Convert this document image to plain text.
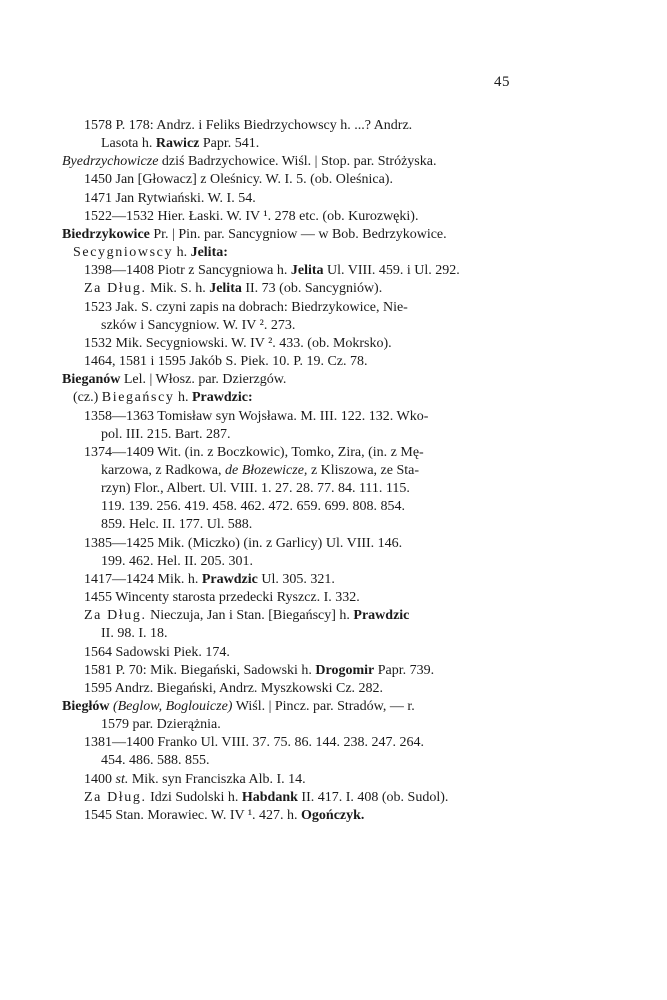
45
1578 P. 178: Andrz. i Feliks Biedrzychowscy h. ...? Andrz.
Lasota h. Rawicz Papr. 541.
Byedrzychowicze dziś Badrzychowice. Wiśl. | Stop. par. Stróżyska.
1450 Jan [Głowacz] z Oleśnicy. W. I. 5. (ob. Oleśnica).
1471 Jan Rytwiański. W. I. 54.
1522—1532 Hier. Łaski. W. IV ¹. 278 etc. (ob. Kurozwęki).
Biedrzykowice Pr. | Pin. par. Sancygniow — w Bob. Bedrzykowice.
Secygniowscy h. Jelita:
1398—1408 Piotr z Sancygniowa h. Jelita Ul. VIII. 459. i Ul. 292.
Za Dług. Mik. S. h. Jelita II. 73 (ob. Sancygniów).
1523 Jak. S. czyni zapis na dobrach: Biedrzykowice, Nie-
szków i Sancygniow. W. IV ². 273.
1532 Mik. Secygniowski. W. IV ². 433. (ob. Mokrsko).
1464, 1581 i 1595 Jakób S. Piek. 10. P. 19. Cz. 78.
Bieganów Lel. | Włosz. par. Dzierzgów.
(cz.) Biegańscy h. Prawdzic:
1358—1363 Tomisław syn Wojsława. M. III. 122. 132. Wko-
pol. III. 215. Bart. 287.
1374—1409 Wit. (in. z Boczkowic), Tomko, Zira, (in. z Mę-
karzowa, z Radkowa, de Błozewicze, z Kliszowa, ze Sta-
rzyn) Flor., Albert. Ul. VIII. 1. 27. 28. 77. 84. 111. 115.
119. 139. 256. 419. 458. 462. 472. 659. 699. 808. 854.
859. Helc. II. 177. Ul. 588.
1385—1425 Mik. (Miczko) (in. z Garlicy) Ul. VIII. 146.
199. 462. Hel. II. 205. 301.
1417—1424 Mik. h. Prawdzic Ul. 305. 321.
1455 Wincenty starosta przedecki Ryszcz. I. 332.
Za Dług. Nieczuja, Jan i Stan. [Biegańscy] h. Prawdzic
II. 98. I. 18.
1564 Sadowski Piek. 174.
1581 P. 70: Mik. Biegański, Sadowski h. Drogomir Papr. 739.
1595 Andrz. Biegański, Andrz. Myszkowski Cz. 282.
Biegłów (Beglow, Boglouicze) Wiśl. | Pincz. par. Stradów, — r.
1579 par. Dzierążnia.
1381—1400 Franko Ul. VIII. 37. 75. 86. 144. 238. 247. 264.
454. 486. 588. 855.
1400 st. Mik. syn Franciszka Alb. I. 14.
Za Dług. Idzi Sudolski h. Habdank II. 417. I. 408 (ob. Sudol).
1545 Stan. Morawiec. W. IV ¹. 427. h. Ogończyk.
